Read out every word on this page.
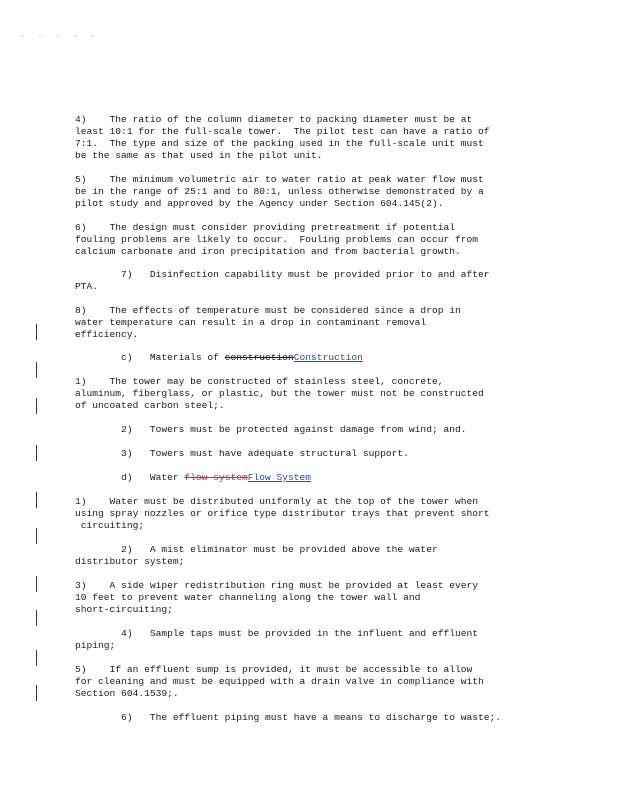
· · · · ·

4)    The ratio of the column diameter to packing diameter must be at
least 10:1 for the full-scale tower.  The pilot test can have a ratio of
7:1.  The type and size of the packing used in the full-scale unit must
be the same as that used in the pilot unit.

5)    The minimum volumetric air to water ratio at peak water flow must
be in the range of 25:1 and to 80:1, unless otherwise demonstrated by a
pilot study and approved by the Agency under Section 604.145(2).

6)    The design must consider providing pretreatment if potential
fouling problems are likely to occur.  Fouling problems can occur from
calcium carbonate and iron precipitation and from bacterial growth.

7)   Disinfection capability must be provided prior to and after
PTA.

8)    The effects of temperature must be considered since a drop in
water temperature can result in a drop in contaminant removal
efficiency.

c)   Materials of constructionConstruction

1)    The tower may be constructed of stainless steel, concrete,
aluminum, fiberglass, or plastic, but the tower must not be constructed
of uncoated carbon steel;.

2)   Towers must be protected against damage from wind; and.

3)   Towers must have adequate structural support.

d)   Water flow systemFlow System

1)    Water must be distributed uniformly at the top of the tower when
using spray nozzles or orifice type distributor trays that prevent short
circuiting;

2)   A mist eliminator must be provided above the water
distributor system;

3)    A side wiper redistribution ring must be provided at least every
10 feet to prevent water channeling along the tower wall and
short-circuiting;

4)   Sample taps must be provided in the influent and effluent
piping;

5)    If an effluent sump is provided, it must be accessible to allow
for cleaning and must be equipped with a drain valve in compliance with
Section 604.1539;.

6)   The effluent piping must have a means to discharge to waste;.
